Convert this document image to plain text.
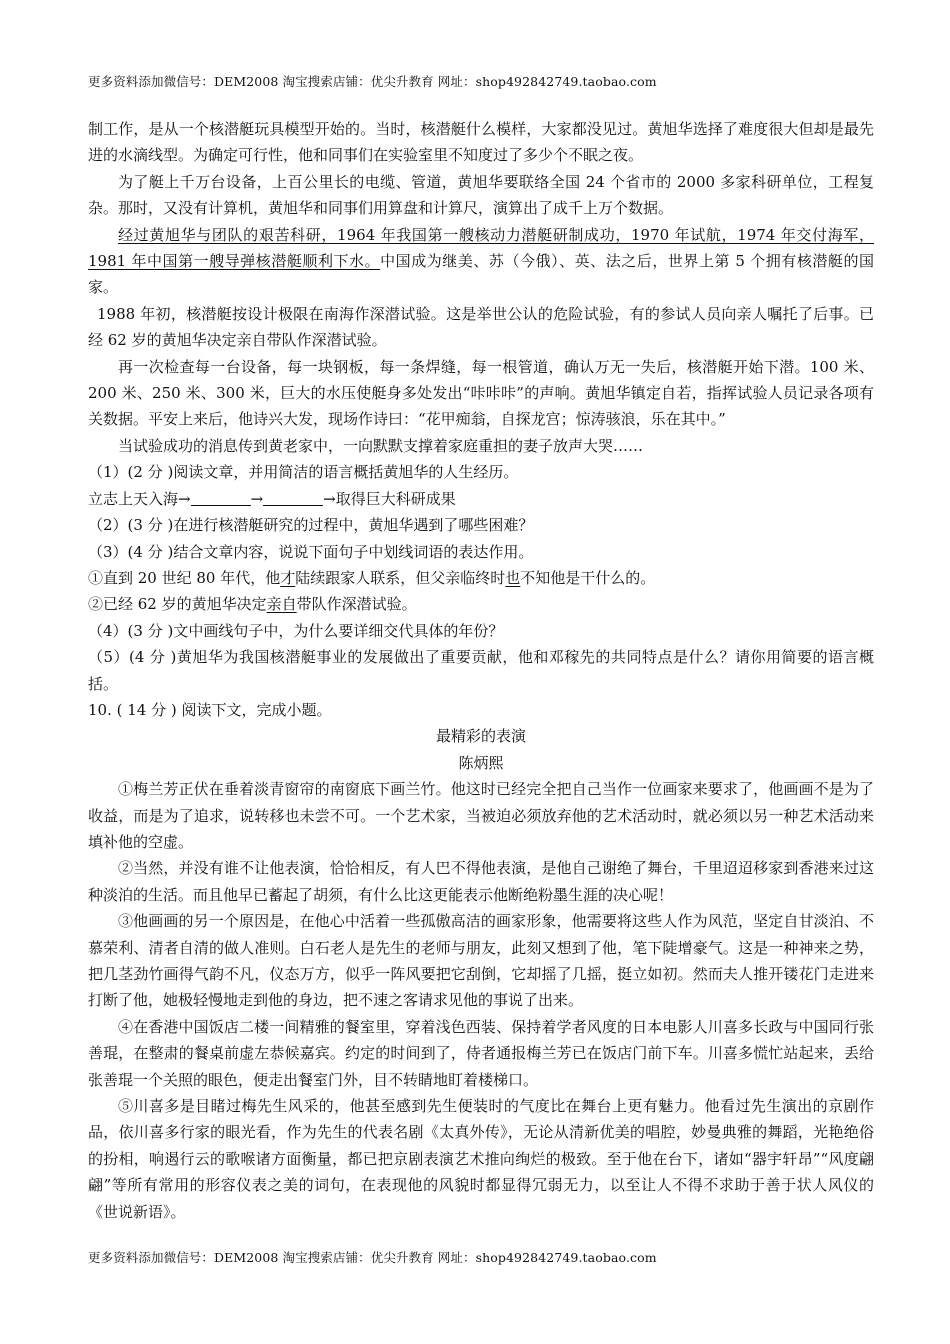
更多资料添加微信号：DEM2008 淘宝搜索店铺：优尖升教育 网址：shop492842749.taobao.com

制工作，是从一个核潜艇玩具模型开始的。当时，核潜艇什么模样，大家都没见过。黄旭华选择了难度很大但却是最先进的水滴线型。为确定可行性，他和同事们在实验室里不知度过了多少个不眠之夜。

为了艇上千万台设备，上百公里长的电缆、管道，黄旭华要联络全国 24 个省市的 2000 多家科研单位，工程复杂。那时，又没有计算机，黄旭华和同事们用算盘和计算尺，演算出了成千上万个数据。

经过黄旭华与团队的艰苦科研，1964 年我国第一艘核动力潜艇研制成功，1970 年试航，1974 年交付海军，1981 年中国第一艘导弹核潜艇顺利下水。中国成为继美、苏（今俄）、英、法之后，世界上第 5 个拥有核潜艇的国家。

1988 年初，核潜艇按设计极限在南海作深潜试验。这是举世公认的危险试验，有的参试人员向亲人嘱托了后事。已经 62 岁的黄旭华决定亲自带队作深潜试验。

再一次检查每一台设备，每一块钢板，每一条焊缝，每一根管道，确认万无一失后，核潜艇开始下潜。100 米、200 米、250 米、300 米，巨大的水压使艇身多处发出“咔咔咔”的声响。黄旭华镇定自若，指挥试验人员记录各项有关数据。平安上来后，他诗兴大发，现场作诗曰：“花甲痴翁，自探龙宫；惊涛骇浪，乐在其中。”

当试验成功的消息传到黄老家中，一向默默支撑着家庭重担的妻子放声大哭……

（1）(2 分 )阅读文章，并用简洁的语言概括黄旭华的人生经历。

立志上天入海→	→	→取得巨大科研成果

（2）(3 分 )在进行核潜艇研究的过程中，黄旭华遇到了哪些困难？

（3）(4 分 )结合文章内容，说说下面句子中划线词语的表达作用。

①直到 20 世纪 80 年代，他才陆续跟家人联系，但父亲临终时也不知他是干什么的。

②已经 62 岁的黄旭华决定亲自带队作深潜试验。

（4）(3 分 )文中画线句子中，为什么要详细交代具体的年份？

（5）(4 分 )黄旭华为我国核潜艇事业的发展做出了重要贡献，他和邓稼先的共同特点是什么？请你用简要的语言概括。

10. ( 14 分 ) 阅读下文，完成小题。

最精彩的表演

陈炳熙

①梅兰芳正伏在垂着淡青窗帘的南窗底下画兰竹。他这时已经完全把自己当作一位画家来要求了，他画画不是为了收益，而是为了追求，说转移也未尝不可。一个艺术家，当被迫必须放弃他的艺术活动时，就必须以另一种艺术活动来填补他的空虚。

②当然，并没有谁不让他表演，恰恰相反，有人巴不得他表演，是他自己谢绝了舞台，千里迢迢移家到香港来过这种淡泊的生活。而且他早已蓄起了胡须，有什么比这更能表示他断绝粉墨生涯的决心呢！

③他画画的另一个原因是，在他心中活着一些孤傲高洁的画家形象，他需要将这些人作为风范，坚定自甘淡泊、不慕荣利、清者自清的做人准则。白石老人是先生的老师与朋友，此刻又想到了他，笔下陡增豪气。这是一种神来之势，把几茎劲竹画得气韵不凡，仪态万方，似乎一阵风要把它刮倒，它却摇了几摇，挺立如初。然而夫人推开镂花门走进来打断了他，她极轻慢地走到他的身边，把不速之客请求见他的事说了出来。

④在香港中国饭店二楼一间精雅的餐室里，穿着浅色西装、保持着学者风度的日本电影人川喜多长政与中国同行张善琨，在整肃的餐桌前虚左恭候嘉宾。约定的时间到了，侍者通报梅兰芳已在饭店门前下车。川喜多慌忙站起来，丢给张善琨一个关照的眼色，便走出餐室门外，目不转睛地盯着楼梯口。

⑤川喜多是目睹过梅先生风采的，他甚至感到先生便装时的气度比在舞台上更有魅力。他看过先生演出的京剧作品，依川喜多行家的眼光看，作为先生的代表名剧《太真外传》，无论从清新优美的唱腔，妙曼典雅的舞蹈，光艳绝俗的扮相，响遏行云的歌喉诸方面衡量，都已把京剧表演艺术推向绚烂的极致。至于他在台下，诸如“器宇轩昂”“风度翩翩”等所有常用的形容仪表之美的词句，在表现他的风貌时都显得冗弱无力，以至让人不得不求助于善于状人风仪的《世说新语》。

更多资料添加微信号：DEM2008 淘宝搜索店铺：优尖升教育 网址：shop492842749.taobao.com
